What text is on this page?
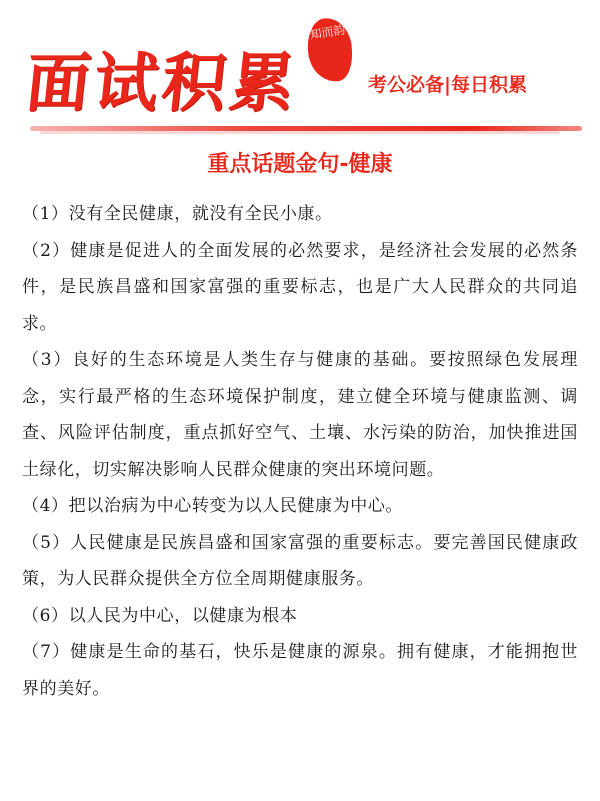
面试积累
知而韵
考公必备|每日积累
重点话题金句-健康
（1）没有全民健康，就没有全民小康。
（2）健康是促进人的全面发展的必然要求，是经济社会发展的必然条件，是民族昌盛和国家富强的重要标志，也是广大人民群众的共同追求。
（3）良好的生态环境是人类生存与健康的基础。要按照绿色发展理念，实行最严格的生态环境保护制度，建立健全环境与健康监测、调查、风险评估制度，重点抓好空气、土壤、水污染的防治，加快推进国土绿化，切实解决影响人民群众健康的突出环境问题。
（4）把以治病为中心转变为以人民健康为中心。
（5）人民健康是民族昌盛和国家富强的重要标志。要完善国民健康政策，为人民群众提供全方位全周期健康服务。
（6）以人民为中心，以健康为根本
（7）健康是生命的基石，快乐是健康的源泉。拥有健康，才能拥抱世界的美好。
